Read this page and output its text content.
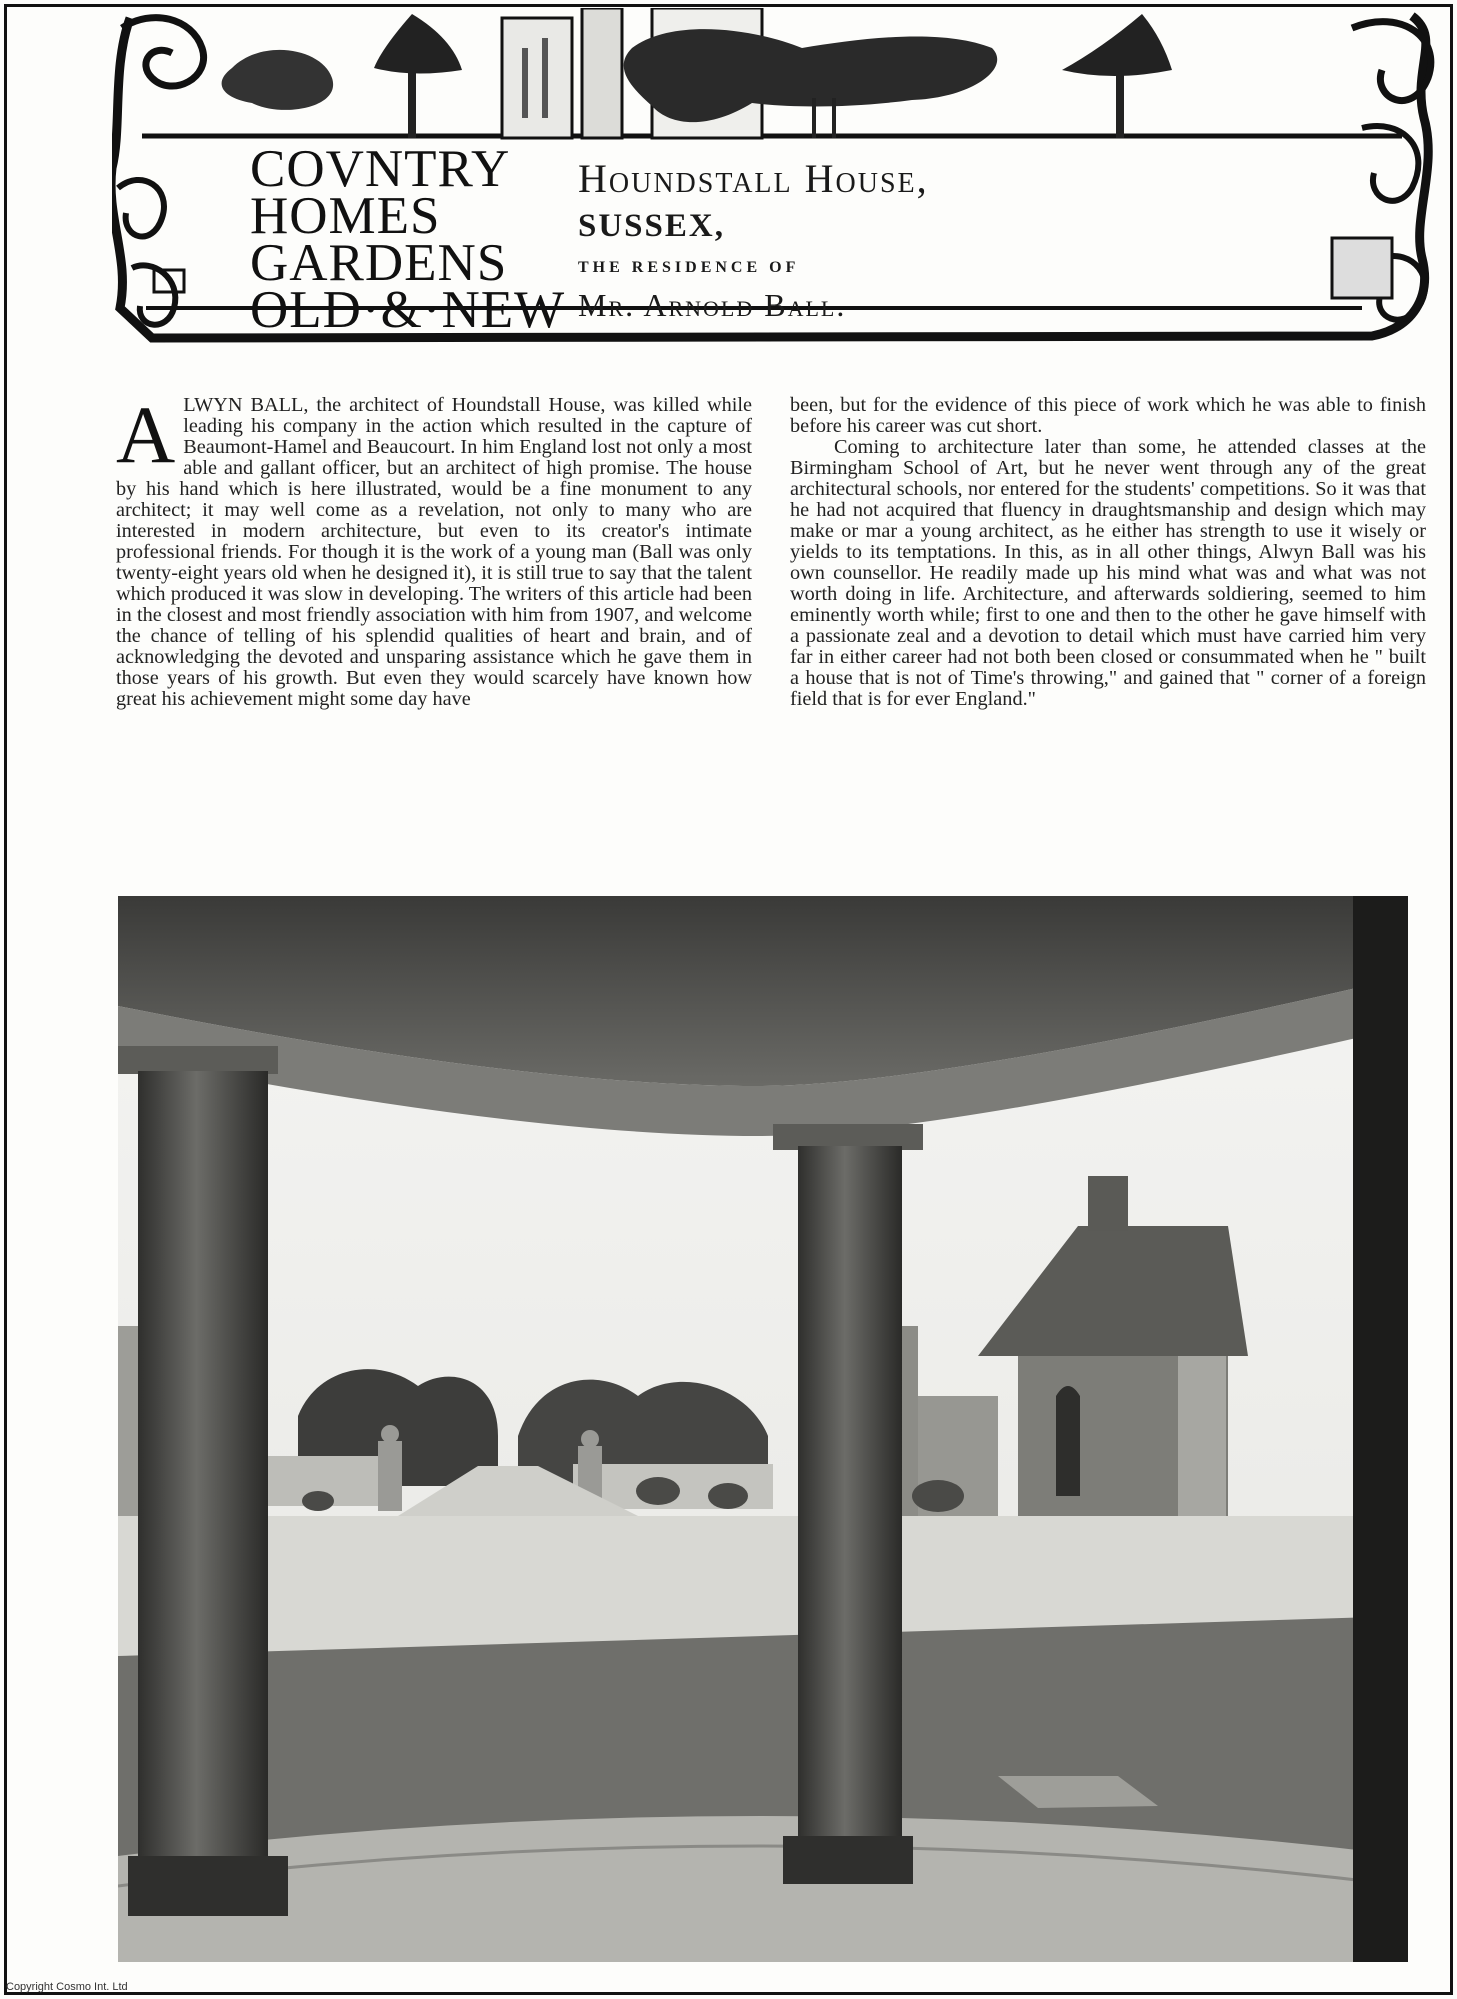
COVNTRY
HOMES
GARDENS
OLD·&·NEW
Houndstall House,
SUSSEX,
THE RESIDENCE OF
Mr. Arnold Ball.

ALWYN BALL, the architect of Houndstall House, was killed while leading his company in the action which resulted in the capture of Beaumont-Hamel and Beaucourt. In him England lost not only a most able and gallant officer, but an architect of high promise. The house by his hand which is here illustrated, would be a fine monument to any architect; it may well come as a revelation, not only to many who are interested in modern architecture, but even to its creator's intimate professional friends. For though it is the work of a young man (Ball was only twenty-eight years old when he designed it), it is still true to say that the talent which produced it was slow in developing. The writers of this article had been in the closest and most friendly association with him from 1907, and welcome the chance of telling of his splendid qualities of heart and brain, and of acknowledging the devoted and unsparing assistance which he gave them in those years of his growth. But even they would scarcely have known how great his achievement might some day have

been, but for the evidence of this piece of work which he was able to finish before his career was cut short.

Coming to architecture later than some, he attended classes at the Birmingham School of Art, but he never went through any of the great architectural schools, nor entered for the students' competitions. So it was that he had not acquired that fluency in draughtsmanship and design which may make or mar a young architect, as he either has strength to use it wisely or yields to its temptations. In this, as in all other things, Alwyn Ball was his own counsellor. He readily made up his mind what was and what was not worth doing in life. Architecture, and afterwards soldiering, seemed to him eminently worth while; first to one and then to the other he gave himself with a passionate zeal and a devotion to detail which must have carried him very far in either career had not both been closed or consummated when he " built a house that is not of Time's throwing," and gained that " corner of a foreign field that is for ever England."

Copyright Cosmo Int. Ltd
